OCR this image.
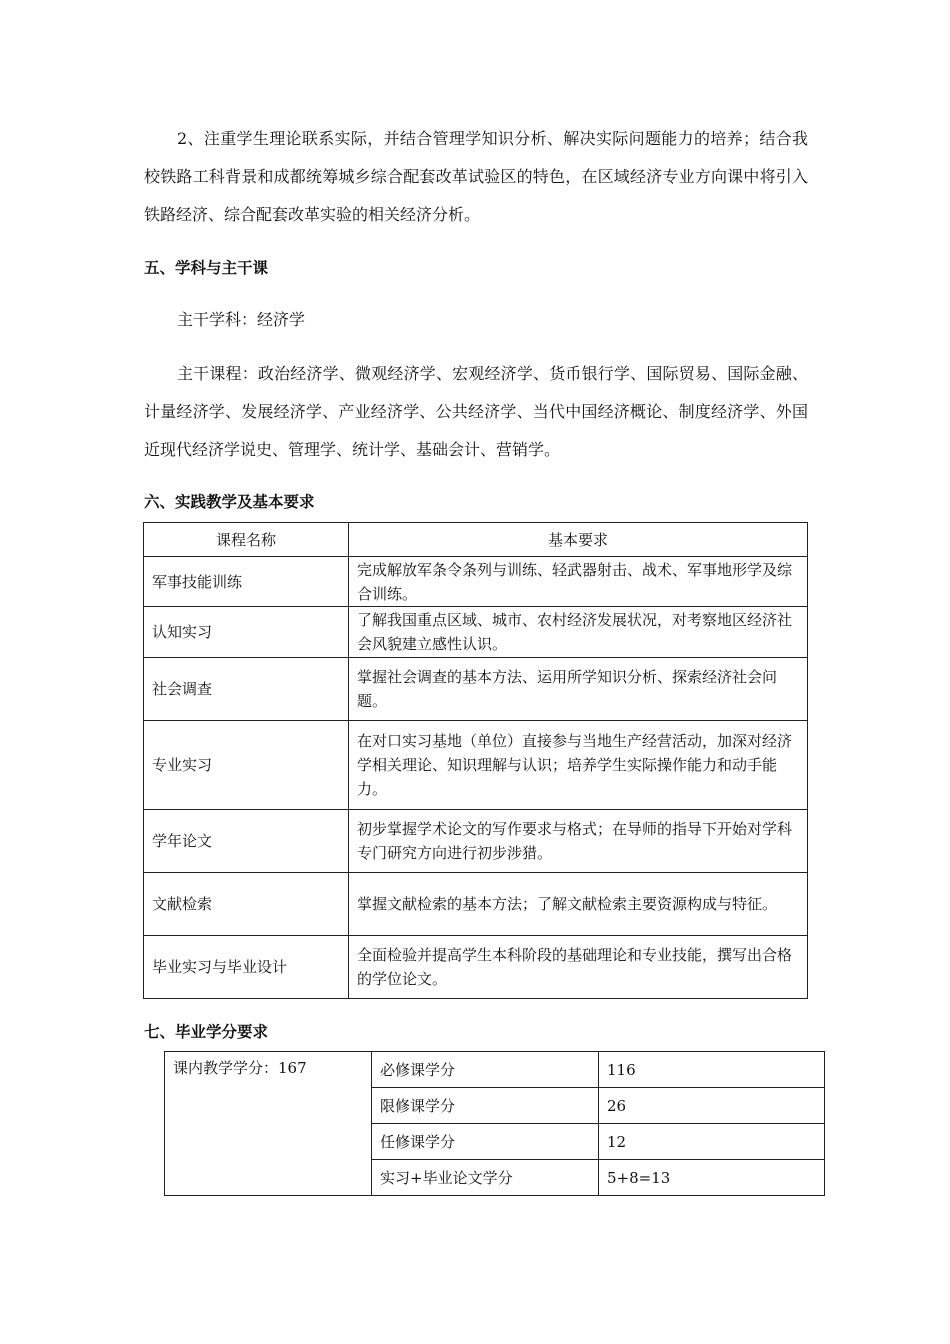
2、注重学生理论联系实际，并结合管理学知识分析、解决实际问题能力的培养；结合我校铁路工科背景和成都统筹城乡综合配套改革试验区的特色，在区域经济专业方向课中将引入铁路经济、综合配套改革实验的相关经济分析。

五、学科与主干课

主干学科：经济学

主干课程：政治经济学、微观经济学、宏观经济学、货币银行学、国际贸易、国际金融、计量经济学、发展经济学、产业经济学、公共经济学、当代中国经济概论、制度经济学、外国近现代经济学说史、管理学、统计学、基础会计、营销学。

六、实践教学及基本要求
课程名称	基本要求
军事技能训练	完成解放军条令条列与训练、轻武器射击、战术、军事地形学及综合训练。
认知实习	了解我国重点区域、城市、农村经济发展状况，对考察地区经济社会风貌建立感性认识。
社会调查	掌握社会调查的基本方法、运用所学知识分析、探索经济社会问题。
专业实习	在对口实习基地（单位）直接参与当地生产经营活动，加深对经济学相关理论、知识理解与认识；培养学生实际操作能力和动手能力。
学年论文	初步掌握学术论文的写作要求与格式；在导师的指导下开始对学科专门研究方向进行初步涉猎。
文献检索	掌握文献检索的基本方法；了解文献检索主要资源构成与特征。
毕业实习与毕业设计	全面检验并提高学生本科阶段的基础理论和专业技能，撰写出合格的学位论文。
七、毕业学分要求
课内教学学分：167	必修课学分	116
	限修课学分	26
	任修课学分	12
	实习+毕业论文学分	5+8=13
